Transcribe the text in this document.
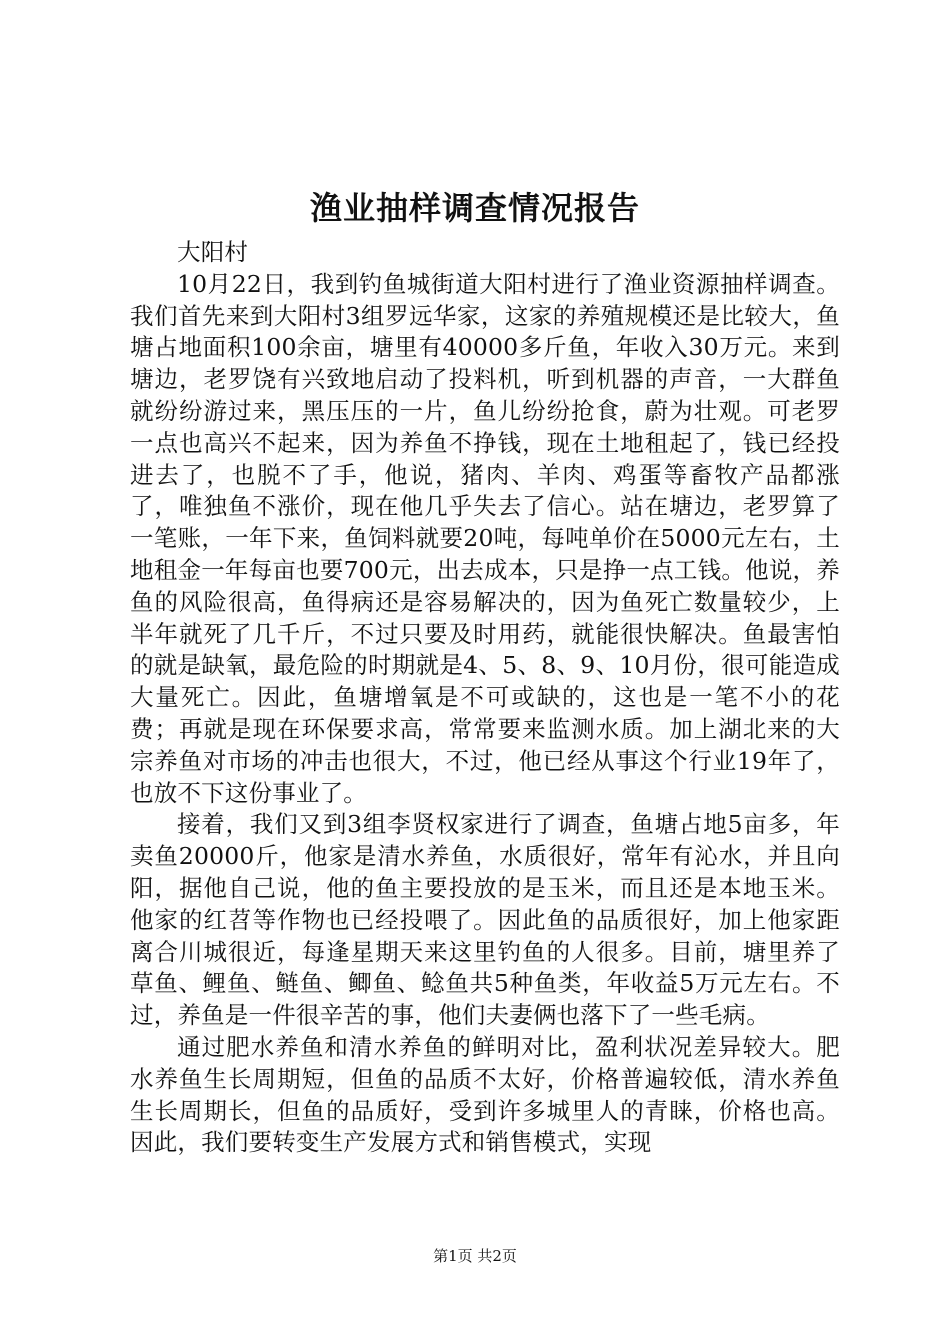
渔业抽样调查情况报告

大阳村

10月22日，我到钓鱼城街道大阳村进行了渔业资源抽样调查。我们首先来到大阳村3组罗远华家，这家的养殖规模还是比较大，鱼塘占地面积100余亩，塘里有40000多斤鱼，年收入30万元。来到塘边，老罗饶有兴致地启动了投料机，听到机器的声音，一大群鱼就纷纷游过来，黑压压的一片，鱼儿纷纷抢食，蔚为壮观。可老罗一点也高兴不起来，因为养鱼不挣钱，现在土地租起了，钱已经投进去了，也脱不了手，他说，猪肉、羊肉、鸡蛋等畜牧产品都涨了，唯独鱼不涨价，现在他几乎失去了信心。站在塘边，老罗算了一笔账，一年下来，鱼饲料就要20吨，每吨单价在5000元左右，土地租金一年每亩也要700元，出去成本，只是挣一点工钱。他说，养鱼的风险很高，鱼得病还是容易解决的，因为鱼死亡数量较少，上半年就死了几千斤，不过只要及时用药，就能很快解决。鱼最害怕的就是缺氧，最危险的时期就是4、5、8、9、10月份，很可能造成大量死亡。因此，鱼塘增氧是不可或缺的，这也是一笔不小的花费；再就是现在环保要求高，常常要来监测水质。加上湖北来的大宗养鱼对市场的冲击也很大，不过，他已经从事这个行业19年了，也放不下这份事业了。

接着，我们又到3组李贤权家进行了调查，鱼塘占地5亩多，年卖鱼20000斤，他家是清水养鱼，水质很好，常年有沁水，并且向阳，据他自己说，他的鱼主要投放的是玉米，而且还是本地玉米。他家的红苕等作物也已经投喂了。因此鱼的品质很好，加上他家距离合川城很近，每逢星期天来这里钓鱼的人很多。目前，塘里养了草鱼、鲤鱼、鲢鱼、鲫鱼、鲶鱼共5种鱼类，年收益5万元左右。不过，养鱼是一件很辛苦的事，他们夫妻俩也落下了一些毛病。

通过肥水养鱼和清水养鱼的鲜明对比，盈利状况差异较大。肥水养鱼生长周期短，但鱼的品质不太好，价格普遍较低，清水养鱼生长周期长，但鱼的品质好，受到许多城里人的青睐，价格也高。因此，我们要转变生产发展方式和销售模式，实现

第1页 共2页
